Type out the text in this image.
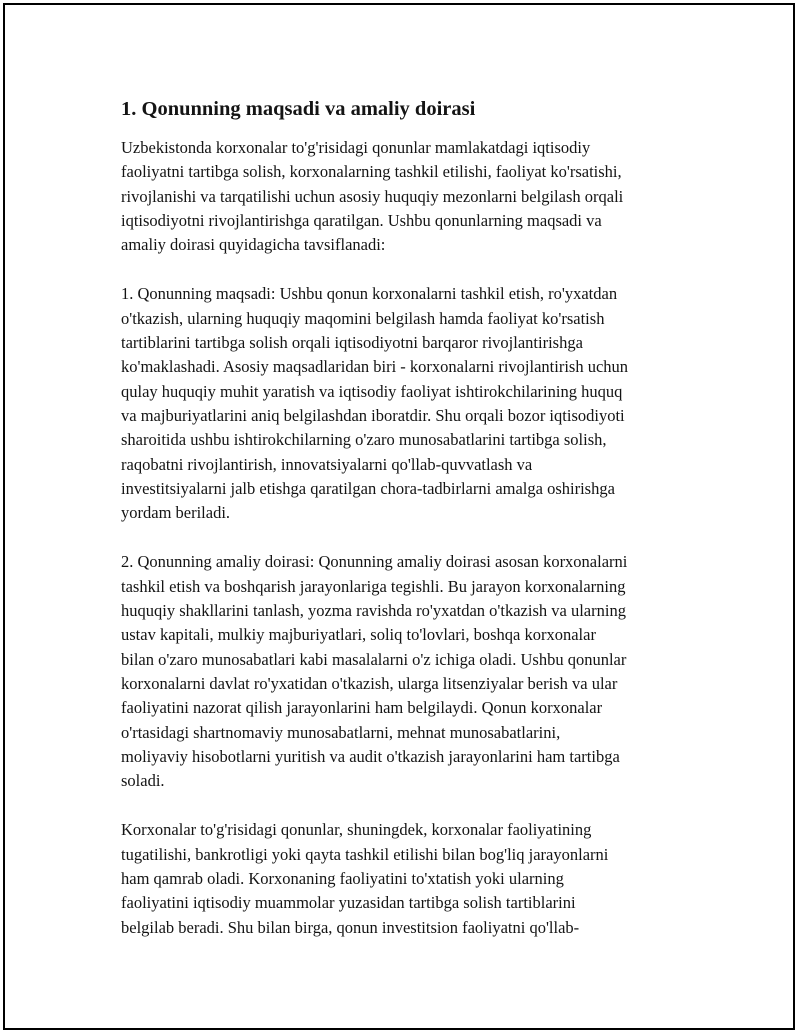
1. Qonunning maqsadi va amaliy doirasi
Uzbekistonda korxonalar to'g'risidagi qonunlar mamlakatdagi iqtisodiy
faoliyatni tartibga solish, korxonalarning tashkil etilishi, faoliyat ko'rsatishi,
rivojlanishi va tarqatilishi uchun asosiy huquqiy mezonlarni belgilash orqali
iqtisodiyotni rivojlantirishga qaratilgan. Ushbu qonunlarning maqsadi va
amaliy doirasi quyidagicha tavsiflanadi:
1. Qonunning maqsadi: Ushbu qonun korxonalarni tashkil etish, ro'yxatdan
o'tkazish, ularning huquqiy maqomini belgilash hamda faoliyat ko'rsatish
tartiblarini tartibga solish orqali iqtisodiyotni barqaror rivojlantirishga
ko'maklashadi. Asosiy maqsadlaridan biri - korxonalarni rivojlantirish uchun
qulay huquqiy muhit yaratish va iqtisodiy faoliyat ishtirokchilarining huquq
va majburiyatlarini aniq belgilashdan iboratdir. Shu orqali bozor iqtisodiyoti
sharoitida ushbu ishtirokchilarning o'zaro munosabatlarini tartibga solish,
raqobatni rivojlantirish, innovatsiyalarni qo'llab-quvvatlash va
investitsiyalarni jalb etishga qaratilgan chora-tadbirlarni amalga oshirishga
yordam beriladi.
2. Qonunning amaliy doirasi: Qonunning amaliy doirasi asosan korxonalarni
tashkil etish va boshqarish jarayonlariga tegishli. Bu jarayon korxonalarning
huquqiy shakllarini tanlash, yozma ravishda ro'yxatdan o'tkazish va ularning
ustav kapitali, mulkiy majburiyatlari, soliq to'lovlari, boshqa korxonalar
bilan o'zaro munosabatlari kabi masalalarni o'z ichiga oladi. Ushbu qonunlar
korxonalarni davlat ro'yxatidan o'tkazish, ularga litsenziyalar berish va ular
faoliyatini nazorat qilish jarayonlarini ham belgilaydi. Qonun korxonalar
o'rtasidagi shartnomaviy munosabatlarni, mehnat munosabatlarini,
moliyaviy hisobotlarni yuritish va audit o'tkazish jarayonlarini ham tartibga
soladi.
Korxonalar to'g'risidagi qonunlar, shuningdek, korxonalar faoliyatining
tugatilishi, bankrotligi yoki qayta tashkil etilishi bilan bog'liq jarayonlarni
ham qamrab oladi. Korxonaning faoliyatini to'xtatish yoki ularning
faoliyatini iqtisodiy muammolar yuzasidan tartibga solish tartiblarini
belgilab beradi. Shu bilan birga, qonun investitsion faoliyatni qo'llab-
